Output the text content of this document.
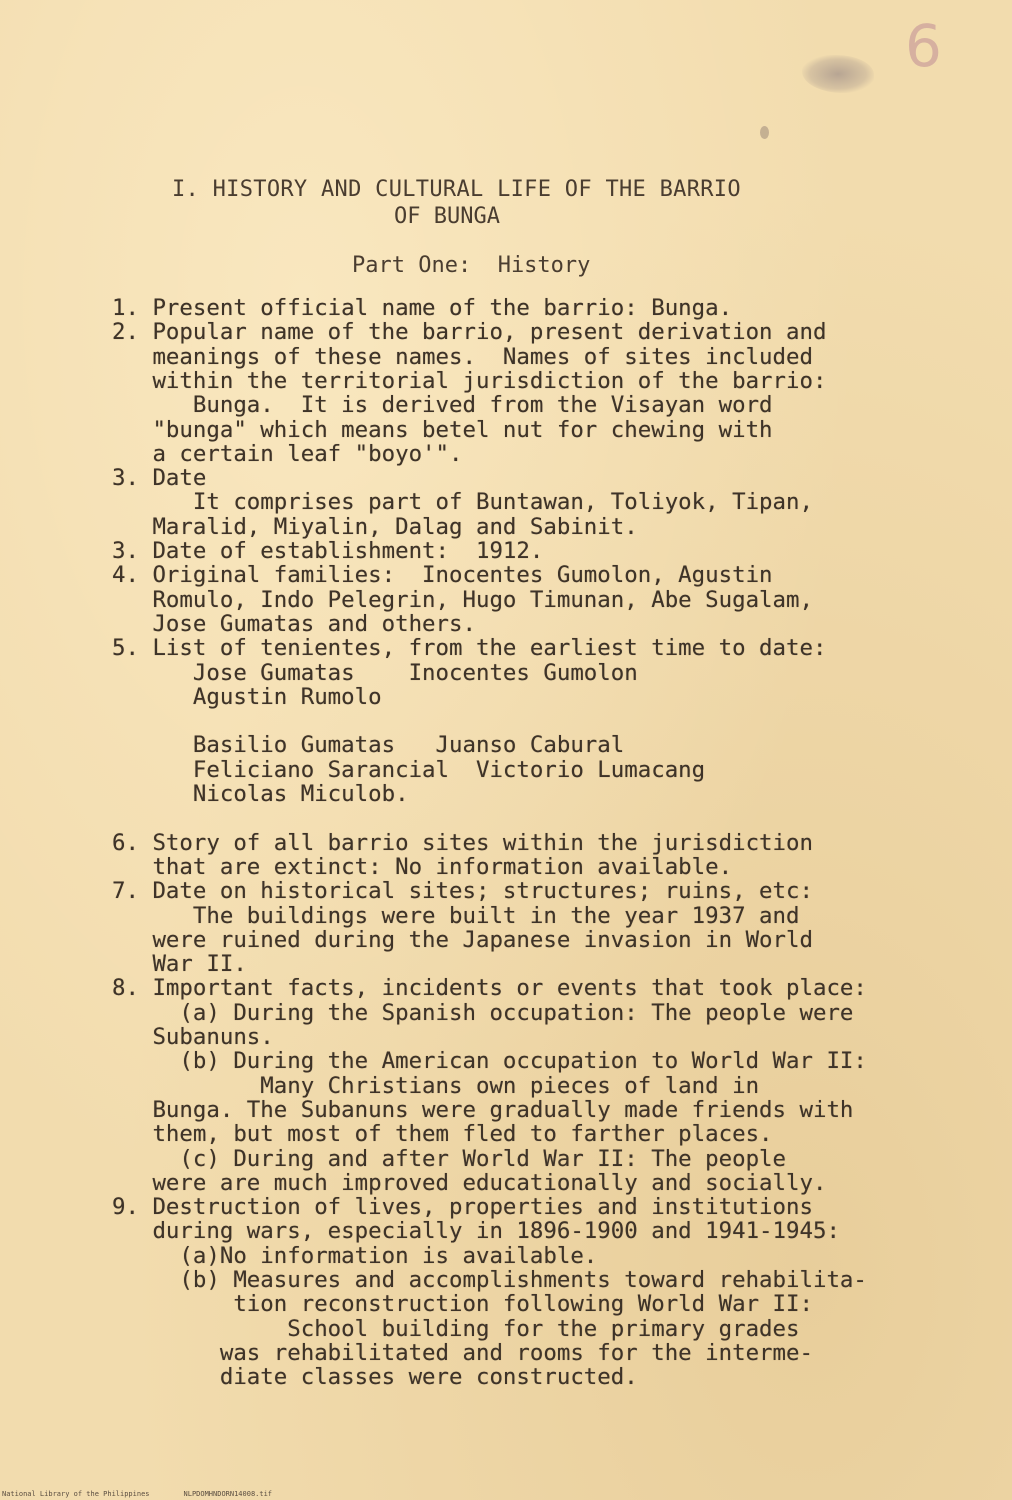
6
I. HISTORY AND CULTURAL LIFE OF THE BARRIO
OF BUNGA
Part One:  History
1. Present official name of the barrio: Bunga.
2. Popular name of the barrio, present derivation and
meanings of these names.  Names of sites included
within the territorial jurisdiction of the barrio:
Bunga.  It is derived from the Visayan word
"bunga" which means betel nut for chewing with
a certain leaf "boyo'".
3. Date
It comprises part of Buntawan, Toliyok, Tipan,
Maralid, Miyalin, Dalag and Sabinit.
3. Date of establishment:  1912.
4. Original families:  Inocentes Gumolon, Agustin
Romulo, Indo Pelegrin, Hugo Timunan, Abe Sugalam,
Jose Gumatas and others.
5. List of tenientes, from the earliest time to date:
Jose Gumatas    Inocentes Gumolon
Agustin Rumolo
Basilio Gumatas   Juanso Cabural
Feliciano Sarancial  Victorio Lumacang
Nicolas Miculob.
6. Story of all barrio sites within the jurisdiction
that are extinct: No information available.
7. Date on historical sites; structures; ruins, etc:
The buildings were built in the year 1937 and
were ruined during the Japanese invasion in World
War II.
8. Important facts, incidents or events that took place:
(a) During the Spanish occupation: The people were
Subanuns.
(b) During the American occupation to World War II:
Many Christians own pieces of land in
Bunga. The Subanuns were gradually made friends with
them, but most of them fled to farther places.
(c) During and after World War II: The people
were are much improved educationally and socially.
9. Destruction of lives, properties and institutions
during wars, especially in 1896-1900 and 1941-1945:
(a)No information is available.
(b) Measures and accomplishments toward rehabilita-
tion reconstruction following World War II:
School building for the primary grades
was rehabilitated and rooms for the interme-
diate classes were constructed.
National Library of the Philippines	NLPDOMHNDORN14008.tif
